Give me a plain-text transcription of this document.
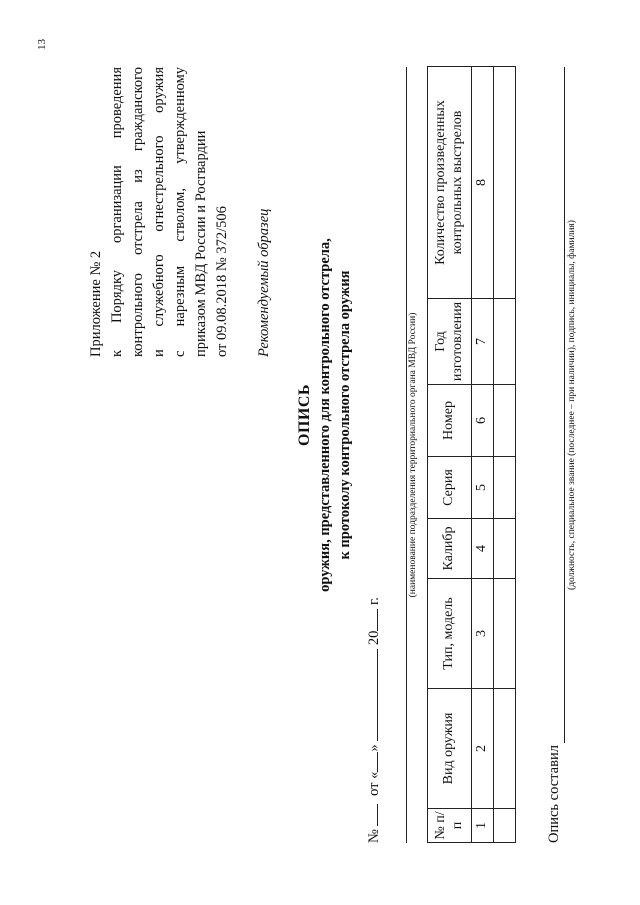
13
Приложение № 2 к Порядку организации проведения контрольного отстрела из гражданского и служебного огнестрельного оружия с нарезным стволом, утвержденному приказом МВД России и Росгвардии от 09.08.2018 № 372/506 Рекомендуемый образец
ОПИСЬ оружия, представленного для контрольного отстрела, к протоколу контрольного отстрела оружия
№  от «»  20 г.
(наименование подразделения территориального органа МВД России)
№ п/п	Вид оружия	Тип, модель	Калибр	Серия	Номер	Год изготовления	Количество произведенных контрольных выстрелов
1	2	3	4	5	6	7	8

Опись составил
(должность, специальное звание (последнее – при наличии), подпись, инициалы, фамилия)
